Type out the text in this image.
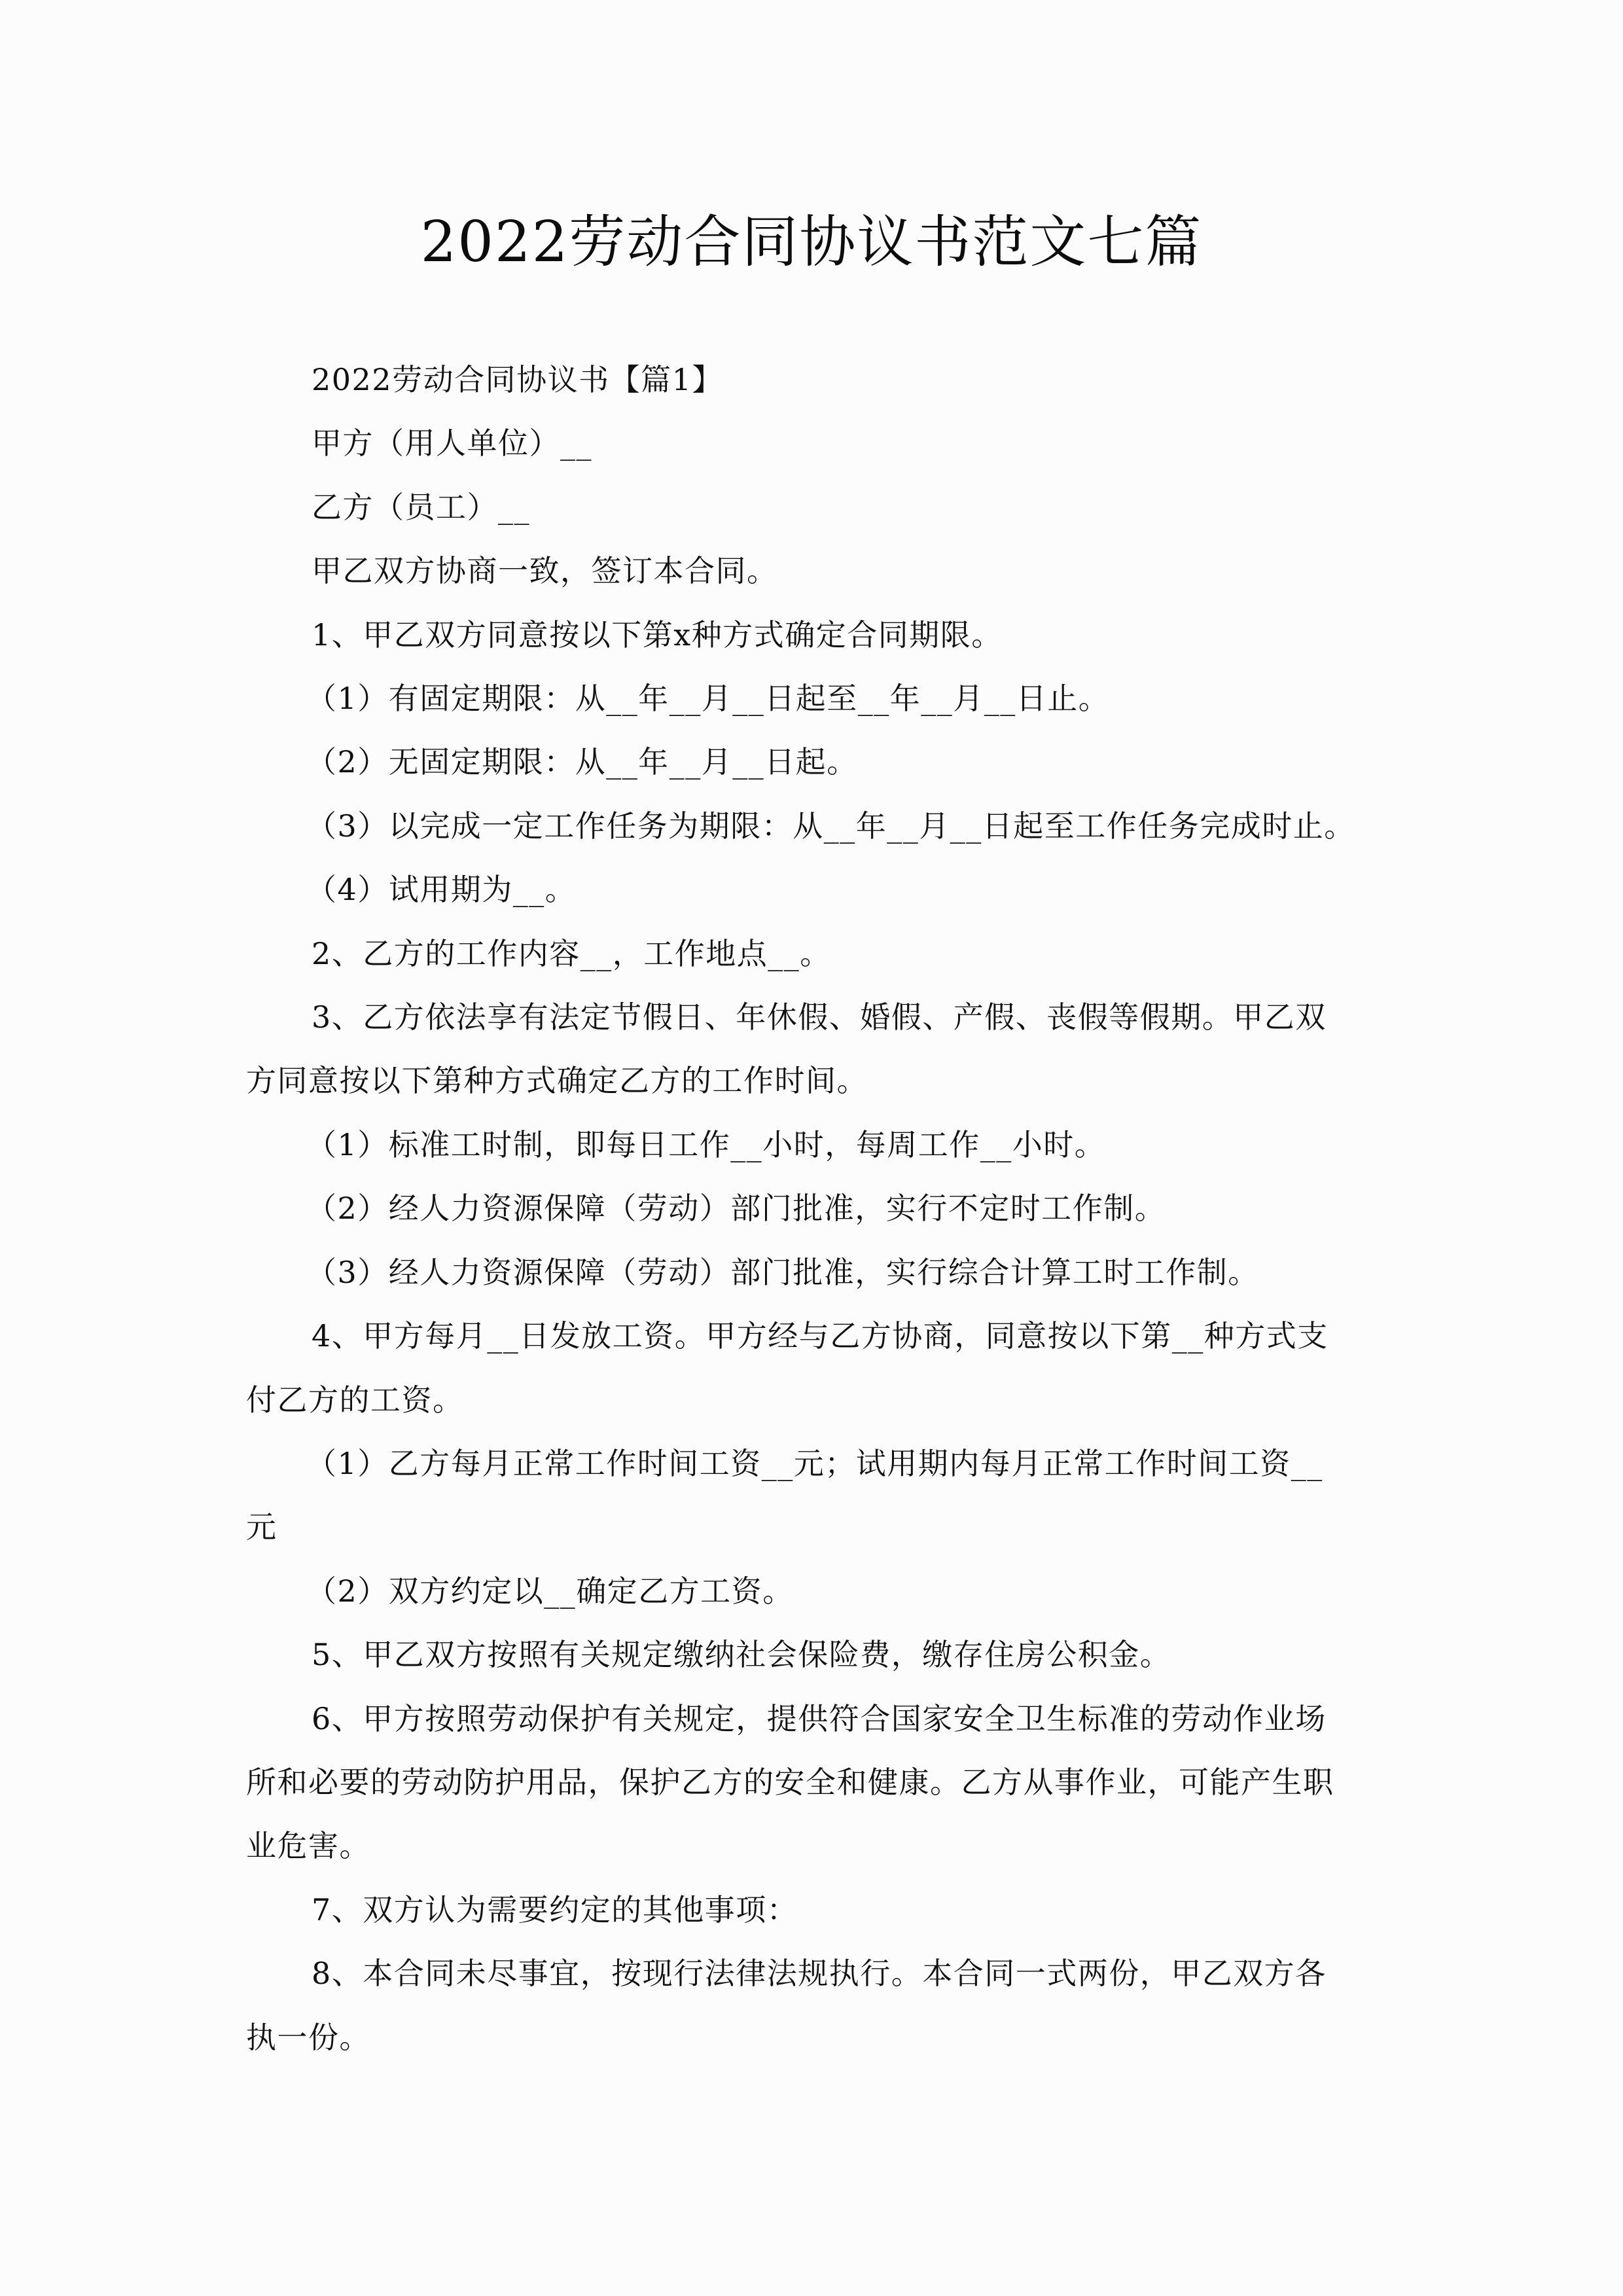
2022劳动合同协议书范文七篇

2022劳动合同协议书【篇1】

甲方（用人单位）__

乙方（员工）__

甲乙双方协商一致，签订本合同。

1、甲乙双方同意按以下第x种方式确定合同期限。

（1）有固定期限：从__年__月__日起至__年__月__日止。

（2）无固定期限：从__年__月__日起。

（3）以完成一定工作任务为期限：从__年__月__日起至工作任务完成时止。

（4）试用期为__。

2、乙方的工作内容__，工作地点__。

3、乙方依法享有法定节假日、年休假、婚假、产假、丧假等假期。甲乙双
方同意按以下第种方式确定乙方的工作时间。

（1）标准工时制，即每日工作__小时，每周工作__小时。

（2）经人力资源保障（劳动）部门批准，实行不定时工作制。

（3）经人力资源保障（劳动）部门批准，实行综合计算工时工作制。

4、甲方每月__日发放工资。甲方经与乙方协商，同意按以下第__种方式支
付乙方的工资。

（1）乙方每月正常工作时间工资__元；试用期内每月正常工作时间工资__
元

（2）双方约定以__确定乙方工资。

5、甲乙双方按照有关规定缴纳社会保险费，缴存住房公积金。

6、甲方按照劳动保护有关规定，提供符合国家安全卫生标准的劳动作业场
所和必要的劳动防护用品，保护乙方的安全和健康。乙方从事作业，可能产生职
业危害。

7、双方认为需要约定的其他事项：

8、本合同未尽事宜，按现行法律法规执行。本合同一式两份，甲乙双方各
执一份。
